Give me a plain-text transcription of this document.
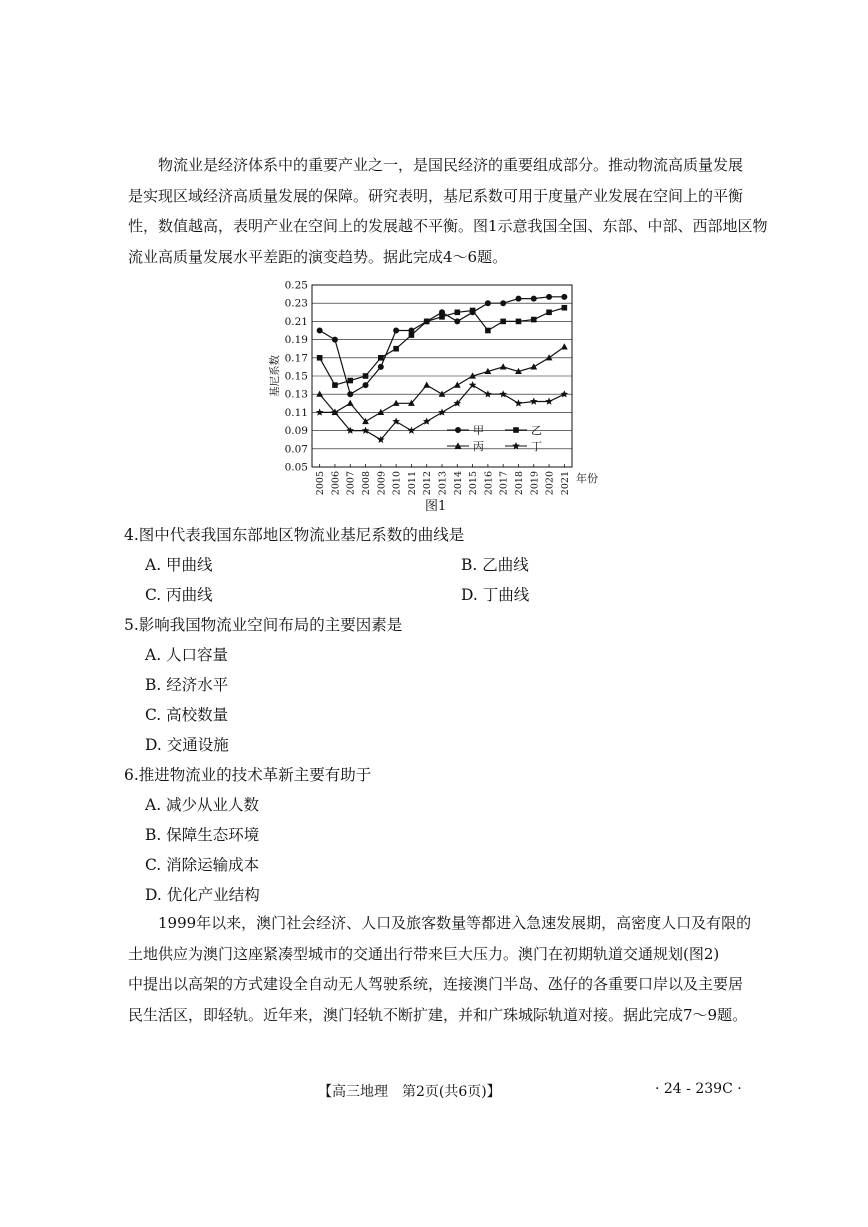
物流业是经济体系中的重要产业之一，是国民经济的重要组成部分。推动物流高质量发展
是实现区域经济高质量发展的保障。研究表明，基尼系数可用于度量产业发展在空间上的平衡
性，数值越高，表明产业在空间上的发展越不平衡。图1示意我国全国、东部、中部、西部地区物
流业高质量发展水平差距的演变趋势。据此完成4～6题。
0.05
0.07
0.09
0.11
0.13
0.15
0.17
0.19
0.21
0.23
0.25
2005 2006 2007 2008 2009 2010 2011 2012 2013 2014 2015 2016 2017 2018 2019 2020 2021 年份
基尼系数
甲	乙
丙	丁
图1
4.图中代表我国东部地区物流业基尼系数的曲线是
A. 甲曲线	B. 乙曲线
C. 丙曲线	D. 丁曲线
5.影响我国物流业空间布局的主要因素是
A. 人口容量
B. 经济水平
C. 高校数量
D. 交通设施
6.推进物流业的技术革新主要有助于
A. 减少从业人数
B. 保障生态环境
C. 消除运输成本
D. 优化产业结构
1999年以来，澳门社会经济、人口及旅客数量等都进入急速发展期，高密度人口及有限的
土地供应为澳门这座紧凑型城市的交通出行带来巨大压力。澳门在初期轨道交通规划(图2)
中提出以高架的方式建设全自动无人驾驶系统，连接澳门半岛、氹仔的各重要口岸以及主要居
民生活区，即轻轨。近年来，澳门轻轨不断扩建，并和广珠城际轨道对接。据此完成7～9题。
【高三地理　第2页(共6页)】	· 24 - 239C ·
